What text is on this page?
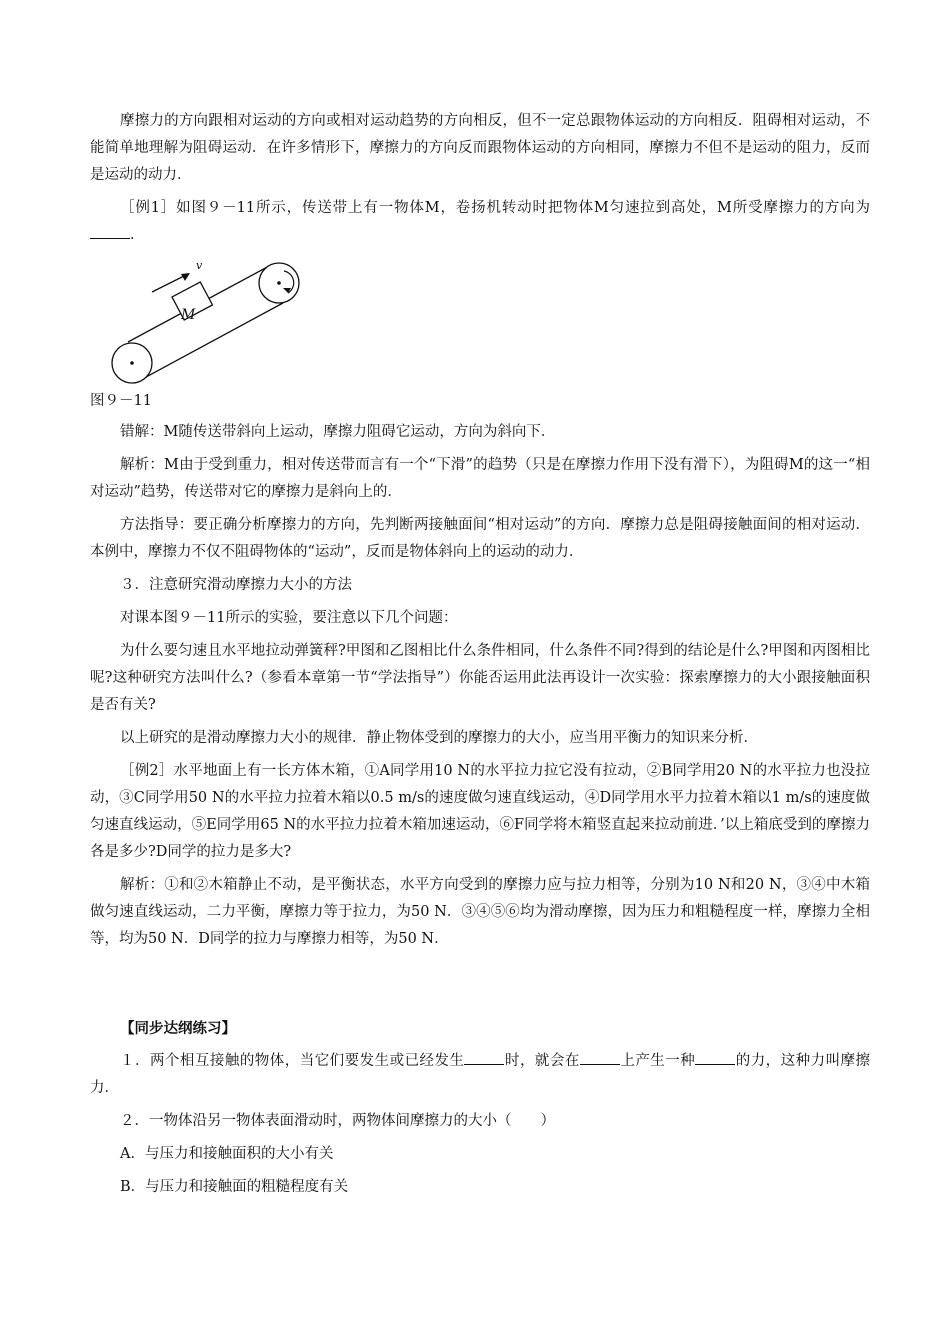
摩擦力的方向跟相对运动的方向或相对运动趋势的方向相反，但不一定总跟物体运动的方向相反．阻碍相对运动，不能简单地理解为阻碍运动．在许多情形下，摩擦力的方向反而跟物体运动的方向相同，摩擦力不但不是运动的阻力，反而是运动的动力．

［例1］如图９－11所示，传送带上有一物体M，卷扬机转动时把物体M匀速拉到高处，M所受摩擦力的方向为．

M
v

图９－11

错解：M随传送带斜向上运动，摩擦力阻碍它运动，方向为斜向下．

解析：M由于受到重力，相对传送带而言有一个“下滑”的趋势（只是在摩擦力作用下没有滑下），为阻碍M的这一“相对运动”趋势，传送带对它的摩擦力是斜向上的．

方法指导：要正确分析摩擦力的方向，先判断两接触面间“相对运动”的方向．摩擦力总是阻碍接触面间的相对运动．本例中，摩擦力不仅不阻碍物体的“运动”，反而是物体斜向上的运动的动力．

３．注意研究滑动摩擦力大小的方法

对课本图９－11所示的实验，要注意以下几个问题：

为什么要匀速且水平地拉动弹簧秤?甲图和乙图相比什么条件相同，什么条件不同?得到的结论是什么?甲图和丙图相比呢?这种研究方法叫什么?（参看本章第一节“学法指导”）你能否运用此法再设计一次实验：探索摩擦力的大小跟接触面积是否有关?

以上研究的是滑动摩擦力大小的规律．静止物体受到的摩擦力的大小，应当用平衡力的知识来分析．

［例2］水平地面上有一长方体木箱，①A同学用10 N的水平拉力拉它没有拉动，②B同学用20 N的水平拉力也没拉动，③C同学用50 N的水平拉力拉着木箱以0.5 m/s的速度做匀速直线运动，④D同学用水平力拉着木箱以1 m/s的速度做匀速直线运动，⑤E同学用65 N的水平拉力拉着木箱加速运动，⑥F同学将木箱竖直起来拉动前进．’以上箱底受到的摩擦力各是多少?D同学的拉力是多大?

解析：①和②木箱静止不动，是平衡状态，水平方向受到的摩擦力应与拉力相等，分别为10 N和20 N，③④中木箱做匀速直线运动，二力平衡，摩擦力等于拉力，为50 N．③④⑤⑥均为滑动摩擦，因为压力和粗糙程度一样，摩擦力全相等，均为50 N．D同学的拉力与摩擦力相等，为50 N．

【同步达纲练习】

１．两个相互接触的物体，当它们要发生或已经发生	时，就会在	上产生一种	的力，这种力叫摩擦力．

２．一物体沿另一物体表面滑动时，两物体间摩擦力的大小（　　）

A．与压力和接触面积的大小有关

B．与压力和接触面的粗糙程度有关
